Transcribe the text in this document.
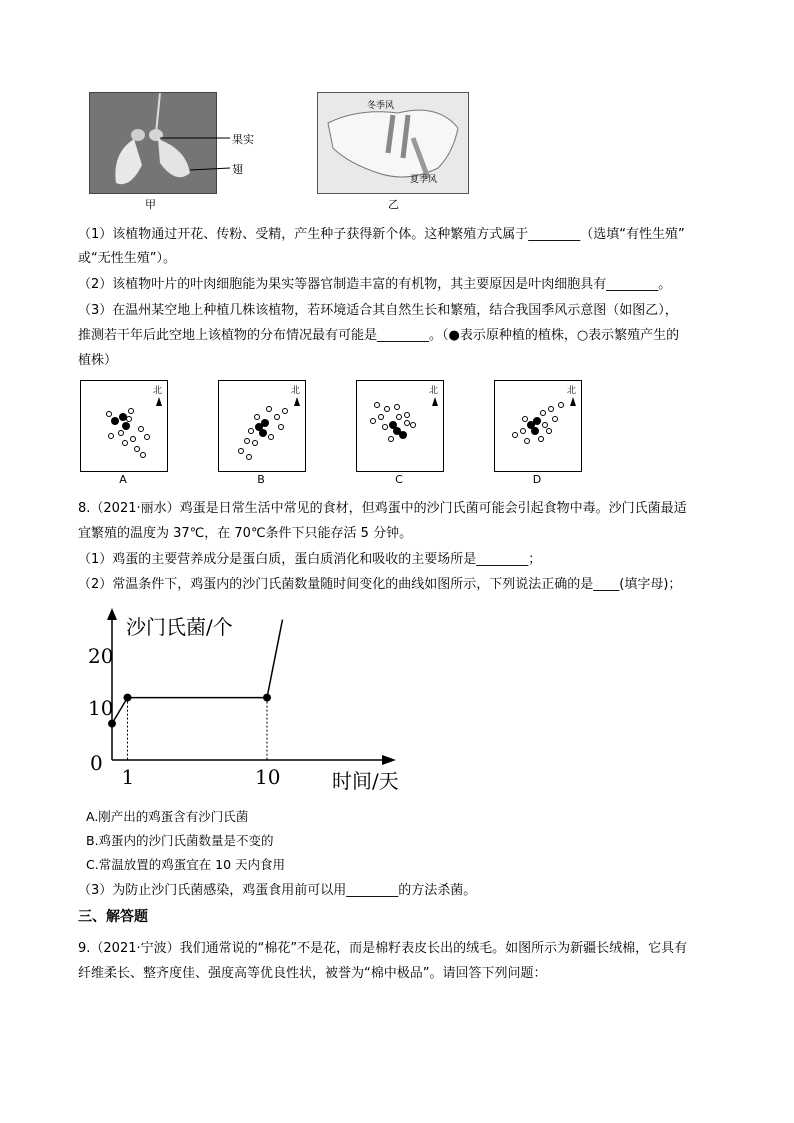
果实
翅
甲
冬季风
夏季风
乙
（1）该植物通过开花、传粉、受精，产生种子获得新个体。这种繁殖方式属于________（选填“有性生殖”
或“无性生殖”）。
（2）该植物叶片的叶肉细胞能为果实等器官制造丰富的有机物，其主要原因是叶肉细胞具有________。
（3）在温州某空地上种植几株该植物，若环境适合其自然生长和繁殖，结合我国季风示意图（如图乙），
推测若干年后此空地上该植物的分布情况最有可能是________。（●表示原种植的植株，○表示繁殖产生的
植株）
北
A
北
B
北
C
北
D
8.（2021·丽水）鸡蛋是日常生活中常见的食材，但鸡蛋中的沙门氏菌可能会引起食物中毒。沙门氏菌最适
宜繁殖的温度为 37℃，在 70℃条件下只能存活 5 分钟。
（1）鸡蛋的主要营养成分是蛋白质，蛋白质消化和吸收的主要场所是________；
（2）常温条件下，鸡蛋内的沙门氏菌数量随时间变化的曲线如图所示，下列说法正确的是____(填字母)；
沙门氏菌/个
时间/天
0
10
20
1	10
A.刚产出的鸡蛋含有沙门氏菌
B.鸡蛋内的沙门氏菌数量是不变的
C.常温放置的鸡蛋宜在 10 天内食用
（3）为防止沙门氏菌感染，鸡蛋食用前可以用________的方法杀菌。
三、解答题
9.（2021·宁波）我们通常说的“棉花”不是花，而是棉籽表皮长出的绒毛。如图所示为新疆长绒棉，它具有
纤维柔长、整齐度佳、强度高等优良性状，被誉为“棉中极品”。请回答下列问题：
